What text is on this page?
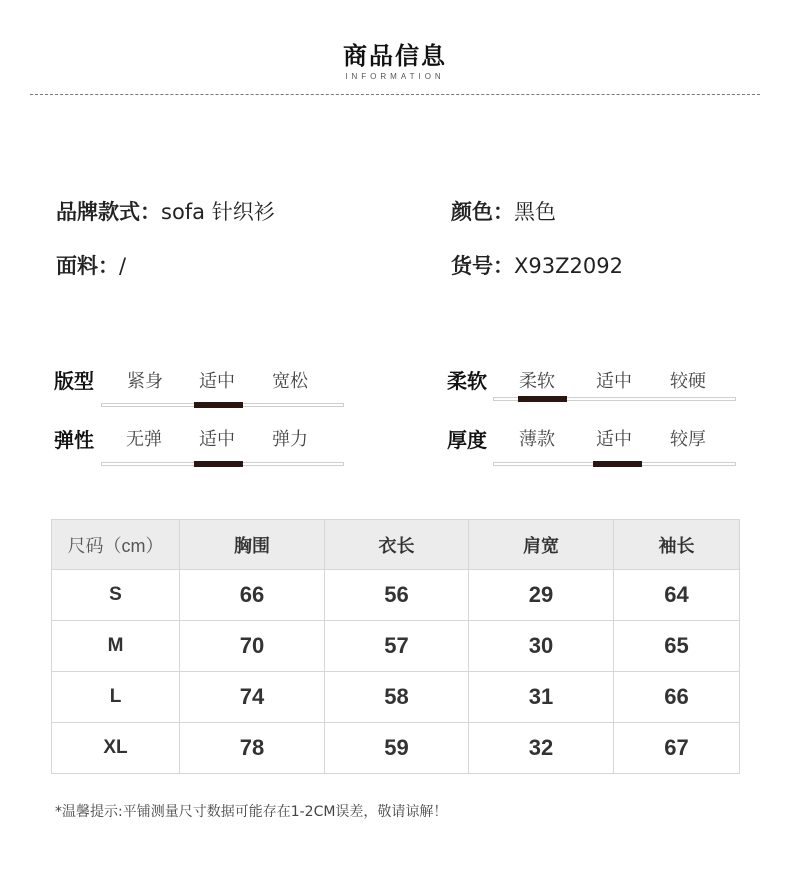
商品信息
INFORMATION
品牌款式：sofa 针织衫	颜色：黑色
面料：/	货号：X93Z2092
版型 紧身 适中 宽松
弹性 无弹 适中 弹力
柔软 柔软 适中 较硬
厚度 薄款 适中 较厚
尺码（cm）	胸围	衣长	肩宽	袖长
S	66	56	29	64
M	70	57	30	65
L	74	58	31	66
XL	78	59	32	67
*温馨提示:平铺测量尺寸数据可能存在1-2CM误差，敬请谅解！
